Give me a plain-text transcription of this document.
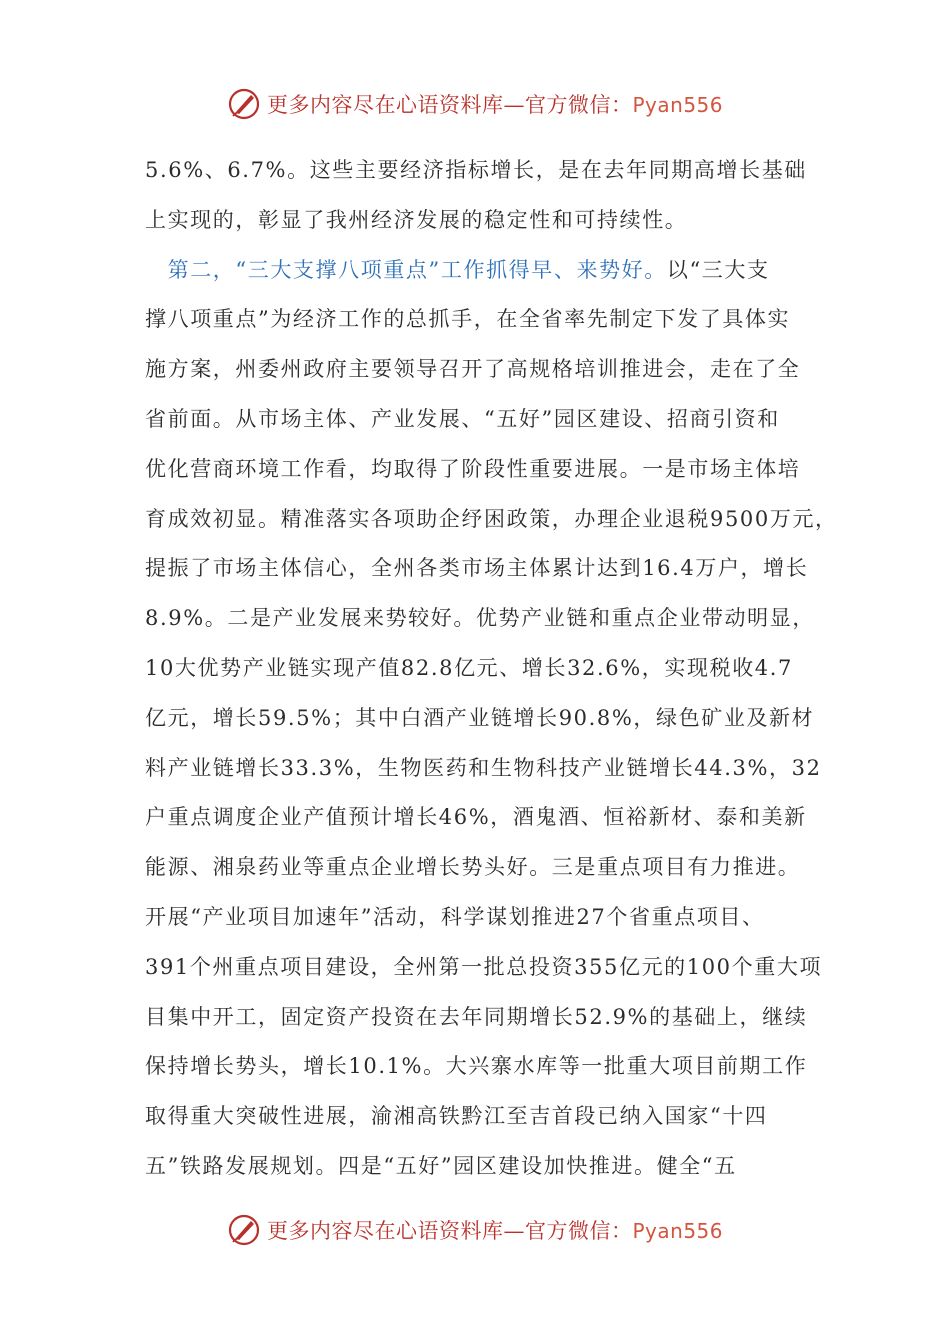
更多内容尽在心语资料库—官方微信：Pyan556
5.6%、6.7%。这些主要经济指标增长，是在去年同期高增长基础
上实现的，彰显了我州经济发展的稳定性和可持续性。
　第二，“三大支撑八项重点”工作抓得早、来势好。以“三大支
撑八项重点”为经济工作的总抓手，在全省率先制定下发了具体实
施方案，州委州政府主要领导召开了高规格培训推进会，走在了全
省前面。从市场主体、产业发展、“五好”园区建设、招商引资和
优化营商环境工作看，均取得了阶段性重要进展。一是市场主体培
育成效初显。精准落实各项助企纾困政策，办理企业退税9500万元，
提振了市场主体信心，全州各类市场主体累计达到16.4万户，增长
8.9%。二是产业发展来势较好。优势产业链和重点企业带动明显，
10大优势产业链实现产值82.8亿元、增长32.6%，实现税收4.7
亿元，增长59.5%；其中白酒产业链增长90.8%，绿色矿业及新材
料产业链增长33.3%，生物医药和生物科技产业链增长44.3%，32
户重点调度企业产值预计增长46%，酒鬼酒、恒裕新材、泰和美新
能源、湘泉药业等重点企业增长势头好。三是重点项目有力推进。
开展“产业项目加速年”活动，科学谋划推进27个省重点项目、
391个州重点项目建设，全州第一批总投资355亿元的100个重大项
目集中开工，固定资产投资在去年同期增长52.9%的基础上，继续
保持增长势头，增长10.1%。大兴寨水库等一批重大项目前期工作
取得重大突破性进展，渝湘高铁黔江至吉首段已纳入国家“十四
五”铁路发展规划。四是“五好”园区建设加快推进。健全“五
更多内容尽在心语资料库—官方微信：Pyan556
